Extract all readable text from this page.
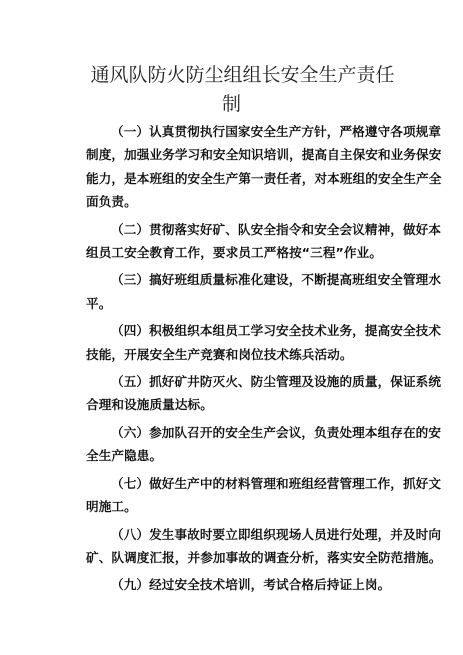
通风队防火防尘组组长安全生产责任
制

（一）认真贯彻执行国家安全生产方针，严格遵守各项规章
制度，加强业务学习和安全知识培训，提高自主保安和业务保安
能力，是本班组的安全生产第一责任者，对本班组的安全生产全
面负责。

（二）贯彻落实好矿、队安全指令和安全会议精神，做好本
组员工安全教育工作，要求员工严格按“三程”作业。

（三）搞好班组质量标准化建设，不断提高班组安全管理水
平。

（四）积极组织本组员工学习安全技术业务，提高安全技术
技能，开展安全生产竞赛和岗位技术练兵活动。

（五）抓好矿井防灭火、防尘管理及设施的质量，保证系统
合理和设施质量达标。

（六）参加队召开的安全生产会议，负责处理本组存在的安
全生产隐患。

（七）做好生产中的材料管理和班组经营管理工作，抓好文
明施工。

（八）发生事故时要立即组织现场人员进行处理，并及时向
矿、队调度汇报，并参加事故的调查分析，落实安全防范措施。

（九）经过安全技术培训，考试合格后持证上岗。
